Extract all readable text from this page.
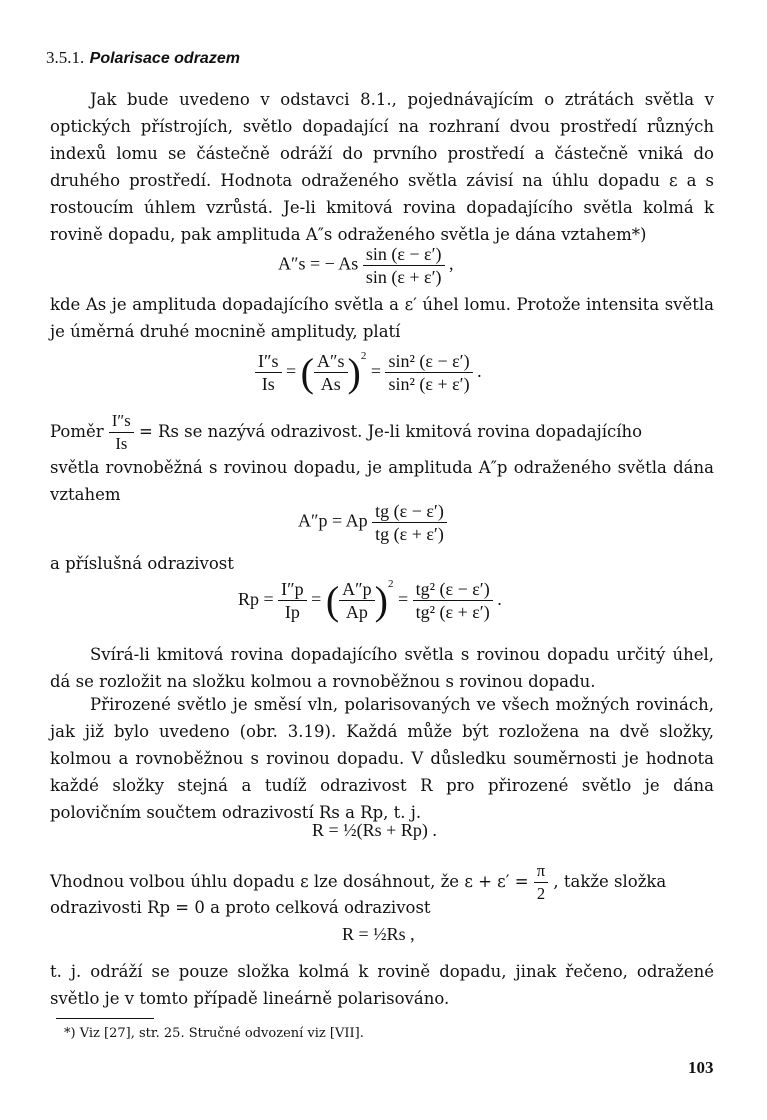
3.5.1. Polarisace odrazem
Jak bude uvedeno v odstavci 8.1., pojednávajícím o ztrátách světla v optických přístrojích, světlo dopadající na rozhraní dvou prostředí různých indexů lomu se částečně odráží do prvního prostředí a částečně vniká do druhého prostředí. Hodnota odraženého světla závisí na úhlu dopadu ε a s rostoucím úhlem vzrůstá. Je-li kmitová rovina dopadajícího světla kolmá k rovině dopadu, pak amplituda A″s odraženého světla je dána vztahem*)
A″s = − As $\frac{\sin (\varepsilon - \varepsilon')}{\sin (\varepsilon + \varepsilon')}$ ,
kde As je amplituda dopadajícího světla a ε′ úhel lomu. Protože intensita světla je úměrná druhé mocnině amplitudy, platí
$\frac{I''s}{Is}$ = ( $\frac{A''s}{As} )^2 = \frac{\text{sin² (ε − ε′)}}{\text{sin² (ε + ε′)}}$ .
Poměr $\frac{I''s}{Is} = Rs$ se nazývá odrazivost. Je-li kmitová rovina dopadajícího
světla rovnoběžná s rovinou dopadu, je amplituda A″p odraženého světla dána vztahem
A″p = Ap $\frac{tg (\varepsilon - \varepsilon')}{tg (\varepsilon + \varepsilon')}$
a příslušná odrazivost
$Rp = \frac{I''p}{Ip}$ = ( $\frac{A''p}{Ap} )^2 = \frac{\text{tg² (ε − ε′)}}{\text{tg² (ε + ε′)}}$ .
Svírá-li kmitová rovina dopadajícího světla s rovinou dopadu určitý úhel, dá se rozložit na složku kolmou a rovnoběžnou s rovinou dopadu.
Přirozené světlo je směsí vln, polarisovaných ve všech možných rovinách, jak již bylo uvedeno (obr. 3.19). Každá může být rozložena na dvě složky, kolmou a rovnoběžnou s rovinou dopadu. V důsledku souměrnosti je hodnota každé složky stejná a tudíž odrazivost R pro přirozené světlo je dána polovičním součtem odrazivostí Rs a Rp, t. j.
R = ½(Rs + Rp) .
Vhodnou volbou úhlu dopadu ε lze dosáhnout, že $\varepsilon + \varepsilon' = \frac{\pi}{2}$ , takže složka
odrazivosti Rp = 0 a proto celková odrazivost
R = ½Rs ,
t. j. odráží se pouze složka kolmá k rovině dopadu, jinak řečeno, odražené světlo je v tomto případě lineárně polarisováno.
*) Viz [27], str. 25. Stručné odvození viz [VII].
103
